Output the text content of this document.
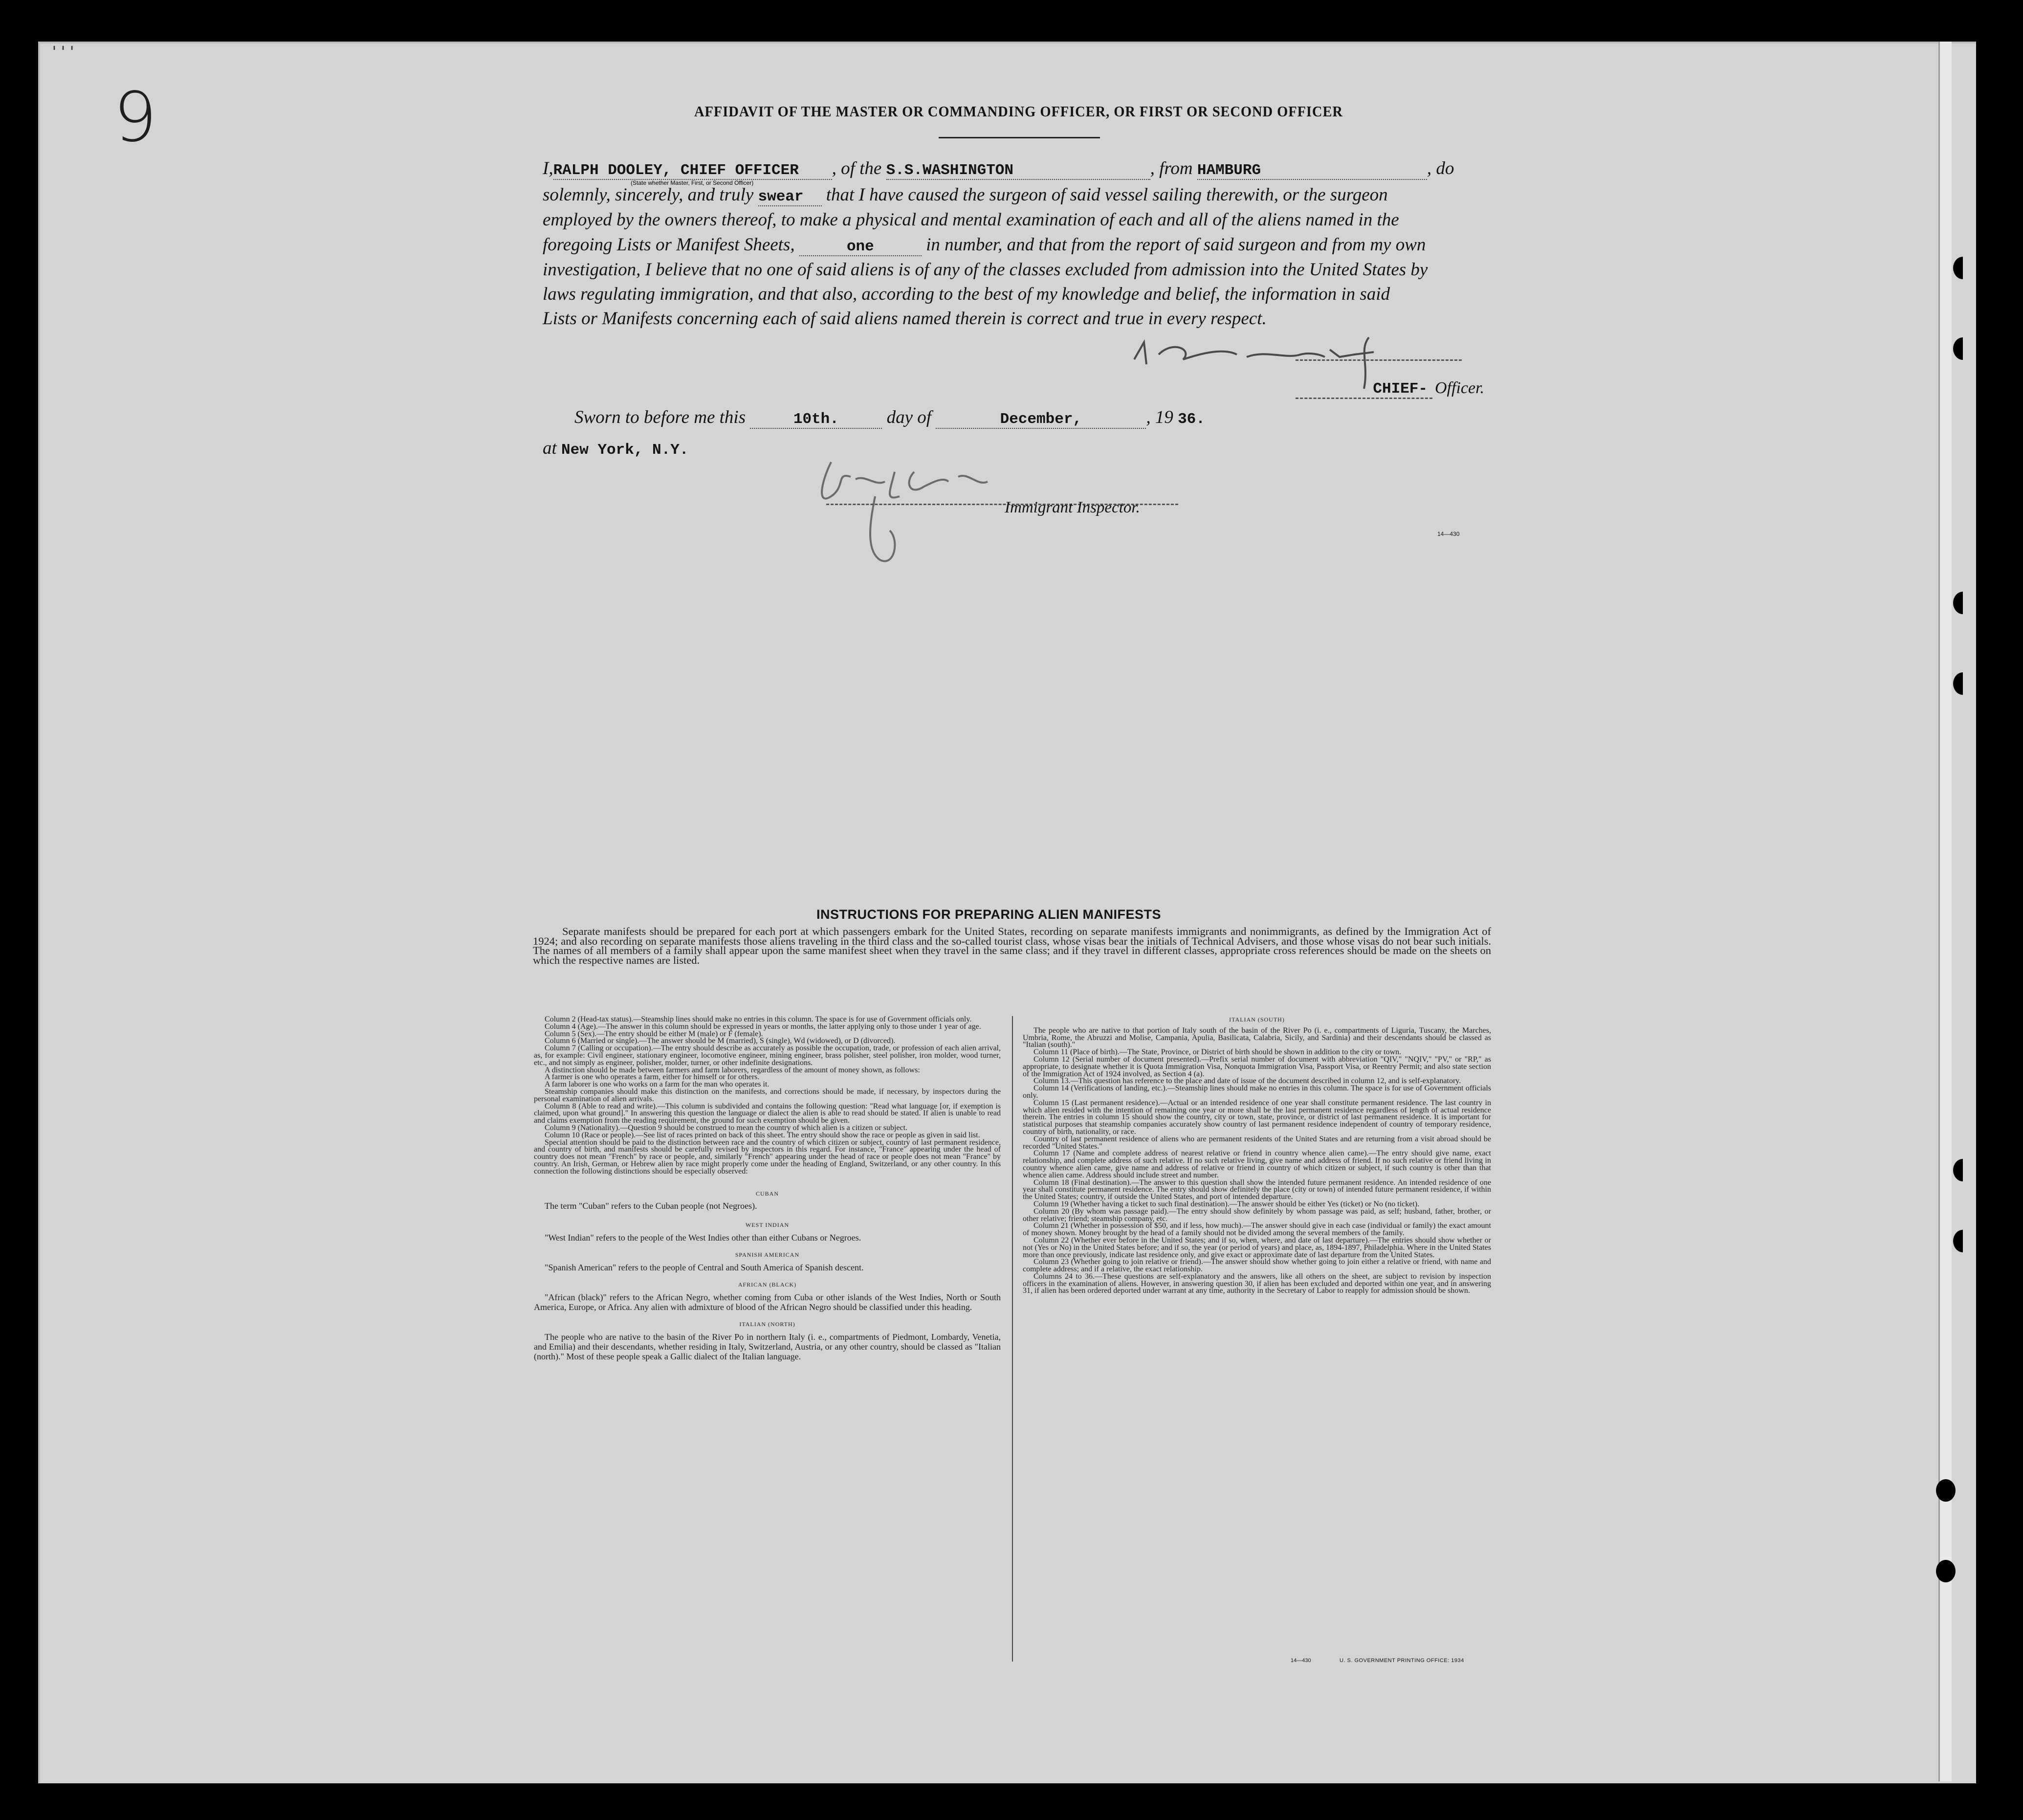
'''
9	AFFIDAVIT OF THE MASTER OR COMMANDING OFFICER, OR FIRST OR SECOND OFFICER
I,RALPH DOOLEY, CHIEF OFFICER , of the S.S.WASHINGTON	, from HAMBURG	, do
(State whether Master, First, or Second Officer)
solemnly, sincerely, and truly swear that I have caused the surgeon of said vessel sailing therewith, or the surgeon
employed by the owners thereof, to make a physical and mental examination of each and all of the aliens named in the
foregoing Lists or Manifest Sheets,	one	in number, and that from the report of said surgeon and from my own
investigation, I believe that no one of said aliens is of any of the classes excluded from admission into the United States by
laws regulating immigration, and that also, according to the best of my knowledge and belief, the information in said
Lists or Manifests concerning each of said aliens named therein is correct and true in every respect.
CHIEF- Officer.
Sworn to before me this	10th.	day of	December,	, 19 36.
at New York, N.Y.
Immigrant Inspector.
14—430
INSTRUCTIONS FOR PREPARING ALIEN MANIFESTS
Separate manifests should be prepared for each port at which passengers embark for the United States, recording on separate manifests immigrants and nonimmigrants, as defined by the Immigration Act of 1924; and also recording on separate manifests those aliens traveling in the third class and the so-called tourist class, whose visas bear the initials of Technical Advisers, and those whose visas do not bear such initials. The names of all members of a family shall appear upon the same manifest sheet when they travel in the same class; and if they travel in different classes, appropriate cross references should be made on the sheets on which the respective names are listed.

Column 2 (Head-tax status).—Steamship lines should make no entries in this column. The space is for use of Government officials only.

Column 4 (Age).—The answer in this column should be expressed in years or months, the latter applying only to those under 1 year of age.

Column 5 (Sex).—The entry should be either M (male) or F (female).

Column 6 (Married or single).—The answer should be M (married), S (single), Wd (widowed), or D (divorced).

Column 7 (Calling or occupation).—The entry should describe as accurately as possible the occupation, trade, or profession of each alien arrival, as, for example: Civil engineer, stationary engineer, locomotive engineer, mining engineer, brass polisher, steel polisher, iron molder, wood turner, etc., and not simply as engineer, polisher, molder, turner, or other indefinite designations.

A distinction should be made between farmers and farm laborers, regardless of the amount of money shown, as follows:

A farmer is one who operates a farm, either for himself or for others.

A farm laborer is one who works on a farm for the man who operates it.

Steamship companies should make this distinction on the manifests, and corrections should be made, if necessary, by inspectors during the personal examination of alien arrivals.

Column 8 (Able to read and write).—This column is subdivided and contains the following question: "Read what language [or, if exemption is claimed, upon what ground]." In answering this question the language or dialect the alien is able to read should be stated. If alien is unable to read and claims exemption from the reading requirement, the ground for such exemption should be given.

Column 9 (Nationality).—Question 9 should be construed to mean the country of which alien is a citizen or subject.

Column 10 (Race or people).—See list of races printed on back of this sheet. The entry should show the race or people as given in said list.

Special attention should be paid to the distinction between race and the country of which citizen or subject, country of last permanent residence, and country of birth, and manifests should be carefully revised by inspectors in this regard. For instance, "France" appearing under the head of country does not mean "French" by race or people, and, similarly "French" appearing under the head of race or people does not mean "France" by country. An Irish, German, or Hebrew alien by race might properly come under the heading of England, Switzerland, or any other country. In this connection the following distinctions should be especially observed:

CUBAN

The term "Cuban" refers to the Cuban people (not Negroes).

WEST INDIAN

"West Indian" refers to the people of the West Indies other than either Cubans or Negroes.

SPANISH AMERICAN

"Spanish American" refers to the people of Central and South America of Spanish descent.

AFRICAN (BLACK)

"African (black)" refers to the African Negro, whether coming from Cuba or other islands of the West Indies, North or South America, Europe, or Africa. Any alien with admixture of blood of the African Negro should be classified under this heading.

ITALIAN (NORTH)

The people who are native to the basin of the River Po in northern Italy (i. e., compartments of Piedmont, Lombardy, Venetia, and Emilia) and their descendants, whether residing in Italy, Switzerland, Austria, or any other country, should be classed as "Italian (north)." Most of these people speak a Gallic dialect of the Italian language.

ITALIAN (SOUTH)

The people who are native to that portion of Italy south of the basin of the River Po (i. e., compartments of Liguria, Tuscany, the Marches, Umbria, Rome, the Abruzzi and Molise, Campania, Apulia, Basilicata, Calabria, Sicily, and Sardinia) and their descendants should be classed as "Italian (south)."

Column 11 (Place of birth).—The State, Province, or District of birth should be shown in addition to the city or town.

Column 12 (Serial number of document presented).—Prefix serial number of document with abbreviation "QIV," "NQIV," "PV," or "RP," as appropriate, to designate whether it is Quota Immigration Visa, Nonquota Immigration Visa, Passport Visa, or Reentry Permit; and also state section of the Immigration Act of 1924 involved, as Section 4 (a).

Column 13.—This question has reference to the place and date of issue of the document described in column 12, and is self-explanatory.

Column 14 (Verifications of landing, etc.).—Steamship lines should make no entries in this column. The space is for use of Government officials only.

Column 15 (Last permanent residence).—Actual or an intended residence of one year shall constitute permanent residence. The last country in which alien resided with the intention of remaining one year or more shall be the last permanent residence regardless of length of actual residence therein. The entries in column 15 should show the country, city or town, state, province, or district of last permanent residence. It is important for statistical purposes that steamship companies accurately show country of last permanent residence independent of country of temporary residence, country of birth, nationality, or race.

Country of last permanent residence of aliens who are permanent residents of the United States and are returning from a visit abroad should be recorded "United States."

Column 17 (Name and complete address of nearest relative or friend in country whence alien came).—The entry should give name, exact relationship, and complete address of such relative. If no such relative living, give name and address of friend. If no such relative or friend living in country whence alien came, give name and address of relative or friend in country of which citizen or subject, if such country is other than that whence alien came. Address should include street and number.

Column 18 (Final destination).—The answer to this question shall show the intended future permanent residence. An intended residence of one year shall constitute permanent residence. The entry should show definitely the place (city or town) of intended future permanent residence, if within the United States; country, if outside the United States, and port of intended departure.

Column 19 (Whether having a ticket to such final destination).—The answer should be either Yes (ticket) or No (no ticket).

Column 20 (By whom was passage paid).—The entry should show definitely by whom passage was paid, as self; husband, father, brother, or other relative; friend; steamship company, etc.

Column 21 (Whether in possession of $50, and if less, how much).—The answer should give in each case (individual or family) the exact amount of money shown. Money brought by the head of a family should not be divided among the several members of the family.

Column 22 (Whether ever before in the United States; and if so, when, where, and date of last departure).—The entries should show whether or not (Yes or No) in the United States before; and if so, the year (or period of years) and place, as, 1894-1897, Philadelphia. Where in the United States more than once previously, indicate last residence only, and give exact or approximate date of last departure from the United States.

Column 23 (Whether going to join relative or friend).—The answer should show whether going to join either a relative or friend, with name and complete address; and if a relative, the exact relationship.

Columns 24 to 36.—These questions are self-explanatory and the answers, like all others on the sheet, are subject to revision by inspection officers in the examination of aliens. However, in answering question 30, if alien has been excluded and deported within one year, and in answering 31, if alien has been ordered deported under warrant at any time, authority in the Secretary of Labor to reapply for admission should be shown.

14—430	U. S. GOVERNMENT PRINTING OFFICE: 1934
